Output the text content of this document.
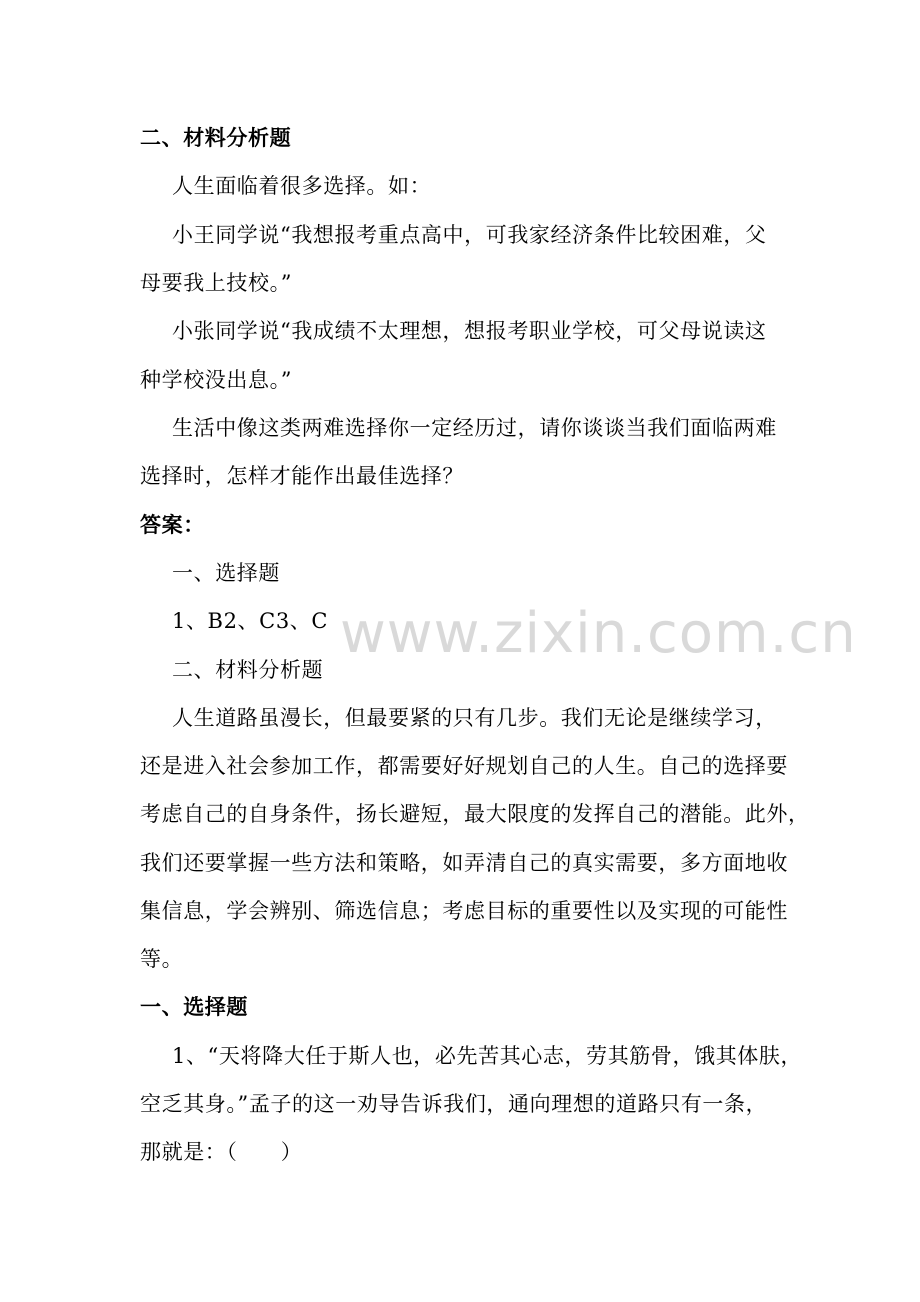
www.zixin.com.cn
二、材料分析题
人生面临着很多选择。如：
小王同学说“我想报考重点高中，可我家经济条件比较困难，父
母要我上技校。”
小张同学说“我成绩不太理想，想报考职业学校，可父母说读这
种学校没出息。”
生活中像这类两难选择你一定经历过，请你谈谈当我们面临两难
选择时，怎样才能作出最佳选择？
答案：
一、选择题
1、B2、C3、C
二、材料分析题
人生道路虽漫长，但最要紧的只有几步。我们无论是继续学习，
还是进入社会参加工作，都需要好好规划自己的人生。自己的选择要
考虑自己的自身条件，扬长避短，最大限度的发挥自己的潜能。此外，
我们还要掌握一些方法和策略，如弄清自己的真实需要，多方面地收
集信息，学会辨别、筛选信息；考虑目标的重要性以及实现的可能性
等。
一、选择题
1、“天将降大任于斯人也，必先苦其心志，劳其筋骨，饿其体肤，
空乏其身。”孟子的这一劝导告诉我们，通向理想的道路只有一条，
那就是：（　　）
